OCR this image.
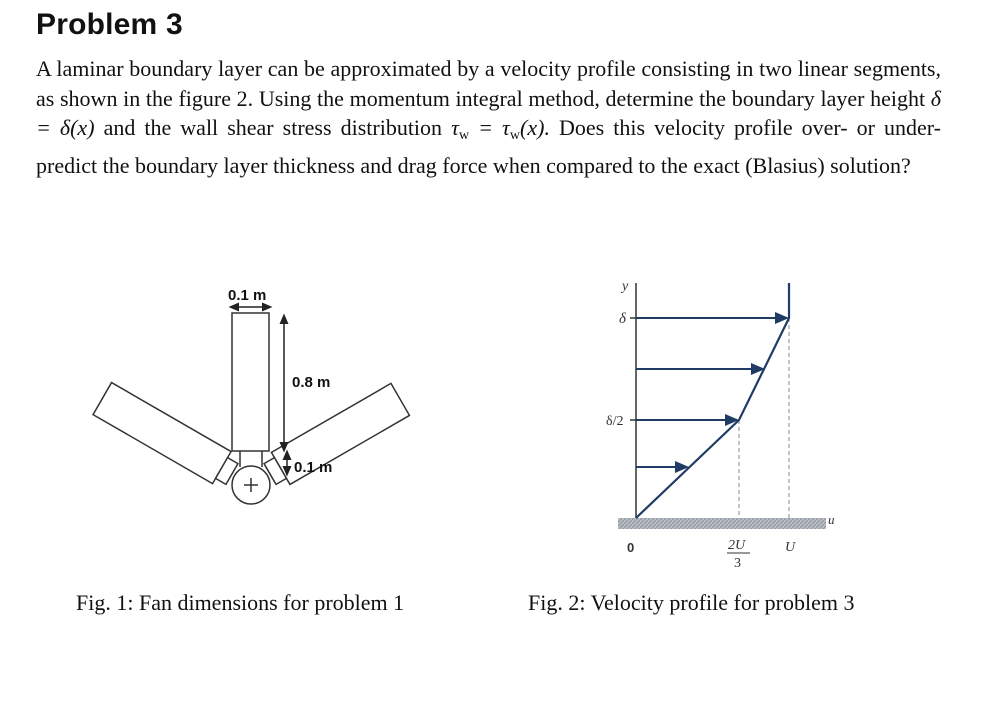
Problem 3
A laminar boundary layer can be approximated by a velocity profile consisting in two linear segments, as shown in the figure 2. Using the momentum integral method, determine the boundary layer height δ = δ(x) and the wall shear stress distribution $\tau_w = \tau_w(x)$. Does this velocity profile over- or under-predict the boundary layer thickness and drag force when compared to the exact (Blasius) solution?
0.1 m
0.8 m
0.1 m
y
δ
δ/2
0	2U
3
U
u
Fig. 1: Fan dimensions for problem 1	Fig. 2: Velocity profile for problem 3
